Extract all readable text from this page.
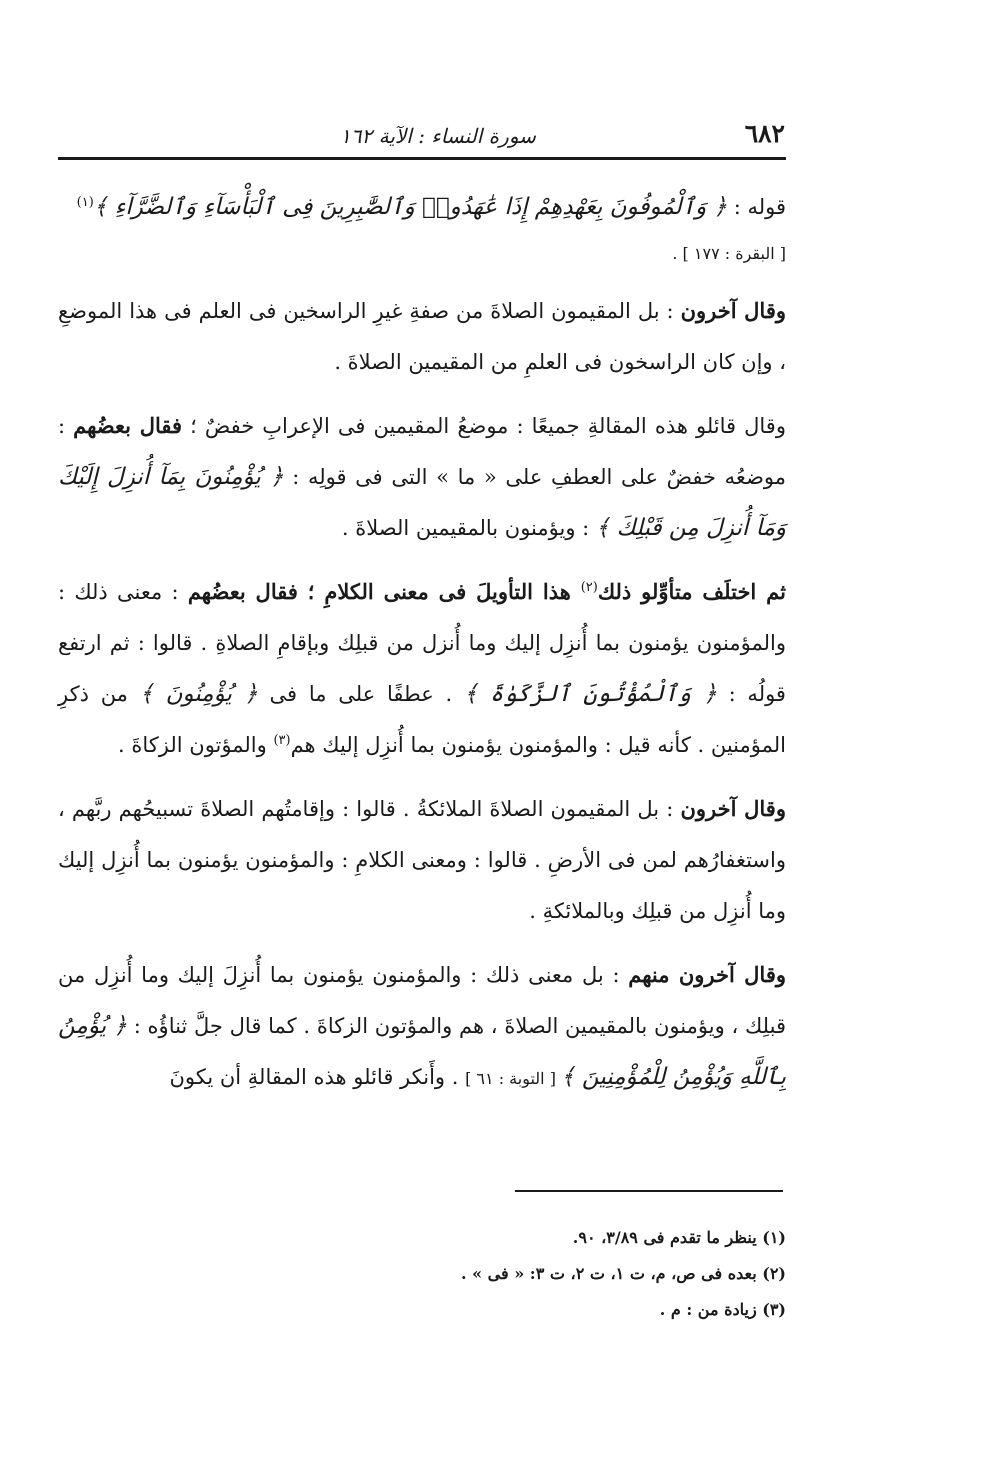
٦٨٢
سورة النساء : الآية ١٦٢

قوله : ﴿ وَٱلْمُوفُونَ بِعَهْدِهِمْ إِذَا عَٰهَدُوا۟ وَٱلصَّٰبِرِينَ فِى ٱلْبَأْسَآءِ وَٱلضَّرَّآءِ ﴾$^{(١)}$

[ البقرة : ١٧٧ ] .

وقال آخرون : بل المقيمون الصلاةَ من صفةِ غيرِ الراسخين فى العلم فى هذا الموضعِ ، وإن كان الراسخون فى العلمِ من المقيمين الصلاةَ .

وقال قائلو هذه المقالةِ جميعًا : موضعُ المقيمين فى الإعرابِ خفضٌ ؛ فقال بعضُهم : موضعُه خفضٌ على العطفِ على « ما » التى فى قولِه : ﴿ يُؤْمِنُونَ بِمَآ أُنزِلَ إِلَيْكَ وَمَآ أُنزِلَ مِن قَبْلِكَ ﴾ : ويؤمنون بالمقيمين الصلاةَ .

ثم اختلَف متأوِّلو ذلك$^{(٢)}$ هذا التأويلَ فى معنى الكلامِ ؛ فقال بعضُهم : معنى ذلك : والمؤمنون يؤمنون بما أُنزِل إليك وما أُنزل من قبلِك وبإقامِ الصلاةِ . قالوا : ثم ارتفع قولُه : ﴿ وَٱلْمُؤْتُونَ ٱلزَّكَوٰةَ ﴾ . عطفًا على ما فى ﴿ يُؤْمِنُونَ ﴾ من ذكرِ المؤمنين . كأنه قيل : والمؤمنون يؤمنون بما أُنزِل إليك هم$^{(٣)}$ والمؤتون الزكاةَ .

وقال آخرون : بل المقيمون الصلاةَ الملائكةُ . قالوا : وإقامتُهم الصلاةَ تسبيحُهم ربَّهم ، واستغفارُهم لمن فى الأرضِ . قالوا : ومعنى الكلامِ : والمؤمنون يؤمنون بما أُنزِل إليك وما أُنزِل من قبلِك وبالملائكةِ .

وقال آخرون منهم : بل معنى ذلك : والمؤمنون يؤمنون بما أُنزِلَ إليك وما أُنزِل من قبلِك ، ويؤمنون بالمقيمين الصلاةَ ، هم والمؤتون الزكاةَ . كما قال جلَّ ثناؤُه : ﴿ يُؤْمِنُ بِٱللَّهِ وَيُؤْمِنُ لِلْمُؤْمِنِينَ ﴾ [ التوبة : ٦١ ] . وأَنكر قائلو هذه المقالةِ أن يكونَ

(١) ينظر ما تقدم فى ٣/٨٩، ٩٠.

(٢) بعده فى ص، م، ت ١، ت ٢، ت ٣: « فى » .

(٣) زيادة من : م .
